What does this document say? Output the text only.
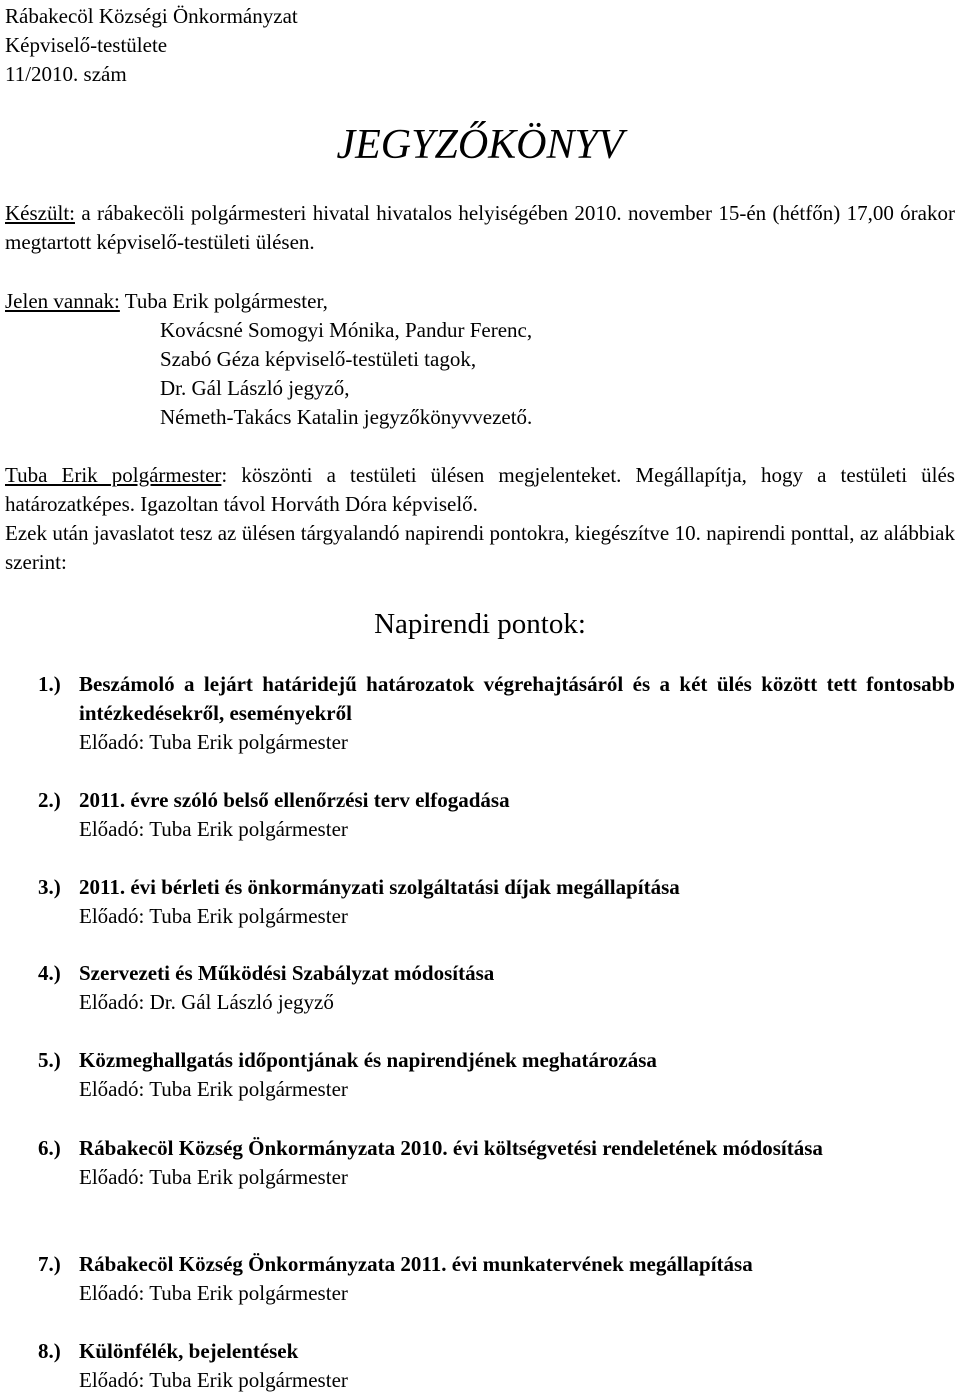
Rábakecöl Községi Önkormányzat
Képviselő-testülete
11/2010. szám
JEGYZŐKÖNYV
Készült: a rábakecöli polgármesteri hivatal hivatalos helyiségében 2010. november 15-én (hétfőn) 17,00 órakor megtartott képviselő-testületi ülésen.
Jelen vannak: Tuba Erik polgármester,
Kovácsné Somogyi Mónika, Pandur Ferenc,
Szabó Géza képviselő-testületi tagok,
Dr. Gál László jegyző,
Németh-Takács Katalin jegyzőkönyvvezető.
Tuba Erik polgármester: köszönti a testületi ülésen megjelenteket. Megállapítja, hogy a testületi ülés határozatképes. Igazoltan távol Horváth Dóra képviselő.
Ezek után javaslatot tesz az ülésen tárgyalandó napirendi pontokra, kiegészítve 10. napirendi ponttal, az alábbiak szerint:
Napirendi pontok:
1.) Beszámoló a lejárt határidejű határozatok végrehajtásáról és a két ülés között tett fontosabb intézkedésekről, eseményekről
Előadó: Tuba Erik polgármester
2.) 2011. évre szóló belső ellenőrzési terv elfogadása
Előadó: Tuba Erik polgármester
3.) 2011. évi bérleti és önkormányzati szolgáltatási díjak megállapítása
Előadó: Tuba Erik polgármester
4.) Szervezeti és Működési Szabályzat módosítása
Előadó: Dr. Gál László jegyző
5.) Közmeghallgatás időpontjának és napirendjének meghatározása
Előadó: Tuba Erik polgármester
6.) Rábakecöl Község Önkormányzata 2010. évi költségvetési rendeletének módosítása
Előadó: Tuba Erik polgármester
7.) Rábakecöl Község Önkormányzata 2011. évi munkatervének megállapítása
Előadó: Tuba Erik polgármester
8.) Különfélék, bejelentések
Előadó: Tuba Erik polgármester
